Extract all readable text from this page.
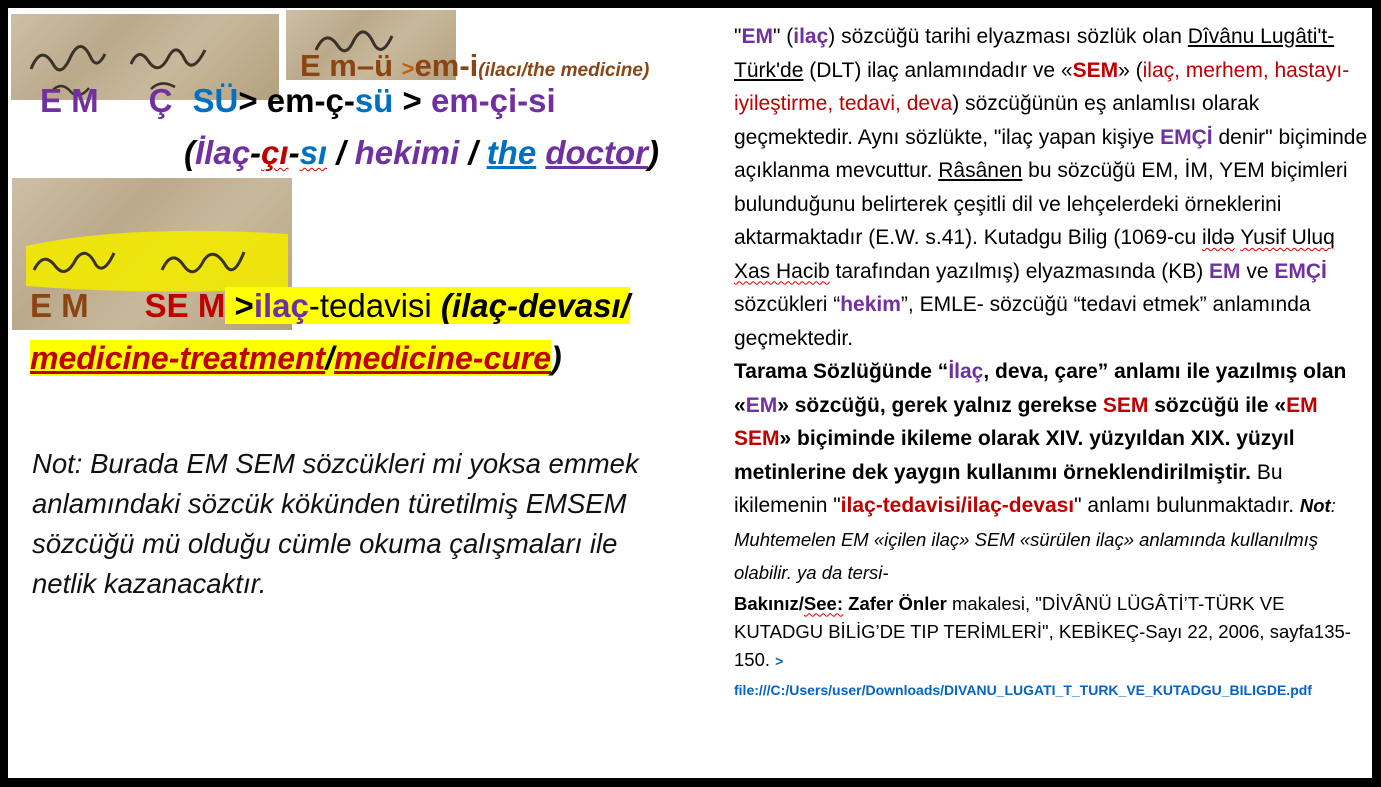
E m–ü >em-i(ilacı/the medicine)
E M Ç SÜ> em-ç-sü > em-çi-si
(İlaç-çı-sı / hekimi / the doctor)
E M SE M >ilaç-tedavisi (ilaç-devası/
medicine-treatment/medicine-cure)
Not: Burada EM SEM sözcükleri mi yoksa emmek anlamındaki sözcük kökünden türetilmiş EMSEM sözcüğü mü olduğu cümle okuma çalışmaları ile netlik kazanacaktır.

"EM" (ilaç) sözcüğü tarihi elyazması sözlük olan Dîvânu Lugâti't-Türk'de (DLT) ilaç anlamındadır ve «SEM» (ilaç, merhem, hastayı-iyileştirme, tedavi, deva) sözcüğünün eş anlamlısı olarak geçmektedir. Aynı sözlükte, "ilaç yapan kişiye EMÇİ denir" biçiminde açıklanma mevcuttur. Râsânen bu sözcüğü EM, İM, YEM biçimleri bulunduğunu belirterek çeşitli dil ve lehçelerdeki örneklerini aktarmaktadır (E.W. s.41). Kutadgu Bilig (1069-cu ildə Yusif Uluq Xas Hacib tarafından yazılmış) elyazmasında (KB) EM ve EMÇİ sözcükleri “hekim”, EMLE- sözcüğü “tedavi etmek” anlamında geçmektedir.

Tarama Sözlüğünde “İlaç, deva, çare” anlamı ile yazılmış olan «EM» sözcüğü, gerek yalnız gerekse SEM sözcüğü ile «EM SEM» biçiminde ikileme olarak XIV. yüzyıldan XIX. yüzyıl metinlerine dek yaygın kullanımı örneklendirilmiştir. Bu ikilemenin "ilaç-tedavisi/ilaç-devası" anlamı bulunmaktadır. Not: Muhtemelen EM «içilen ilaç» SEM «sürülen ilaç» anlamında kullanılmış olabilir. ya da tersi-

Bakınız/See: Zafer Önler makalesi, "DİVÂNÜ LÜGÂTİ’T-TÜRK VE KUTADGU BİLİG’DE TIP TERİMLERİ", KEBİKEÇ-Sayı 22, 2006, sayfa135-150. >
file:///C:/Users/user/Downloads/DIVANU_LUGATI_T_TURK_VE_KUTADGU_BILIGDE.pdf
